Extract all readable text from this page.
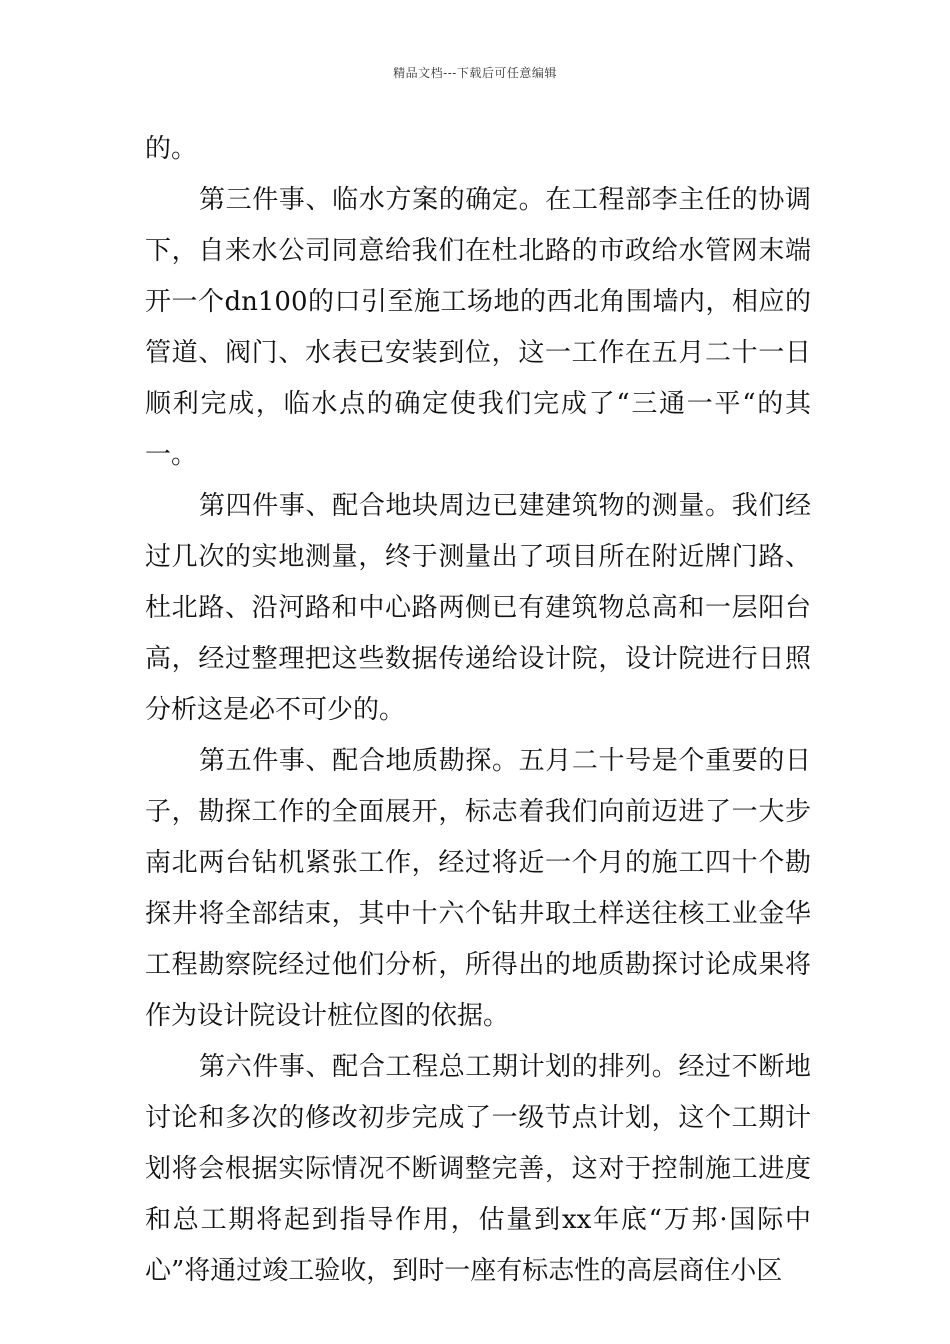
精品文档---下载后可任意编辑

的。

第三件事、临水方案的确定。在工程部李主任的协调下，自来水公司同意给我们在杜北路的市政给水管网末端开一个dn100的口引至施工场地的西北角围墙内，相应的管道、阀门、水表已安装到位，这一工作在五月二十一日顺利完成，临水点的确定使我们完成了“三通一平“的其一。

第四件事、配合地块周边已建建筑物的测量。我们经过几次的实地测量，终于测量出了项目所在附近牌门路、杜北路、沿河路和中心路两侧已有建筑物总高和一层阳台高，经过整理把这些数据传递给设计院，设计院进行日照分析这是必不可少的。

第五件事、配合地质勘探。五月二十号是个重要的日子，勘探工作的全面展开，标志着我们向前迈进了一大步南北两台钻机紧张工作，经过将近一个月的施工四十个勘探井将全部结束，其中十六个钻井取土样送往核工业金华工程勘察院经过他们分析，所得出的地质勘探讨论成果将作为设计院设计桩位图的依据。

第六件事、配合工程总工期计划的排列。经过不断地讨论和多次的修改初步完成了一级节点计划，这个工期计划将会根据实际情况不断调整完善，这对于控制施工进度和总工期将起到指导作用，估量到xx年底“万邦·国际中心”将通过竣工验收，到时一座有标志性的高层商住小区
